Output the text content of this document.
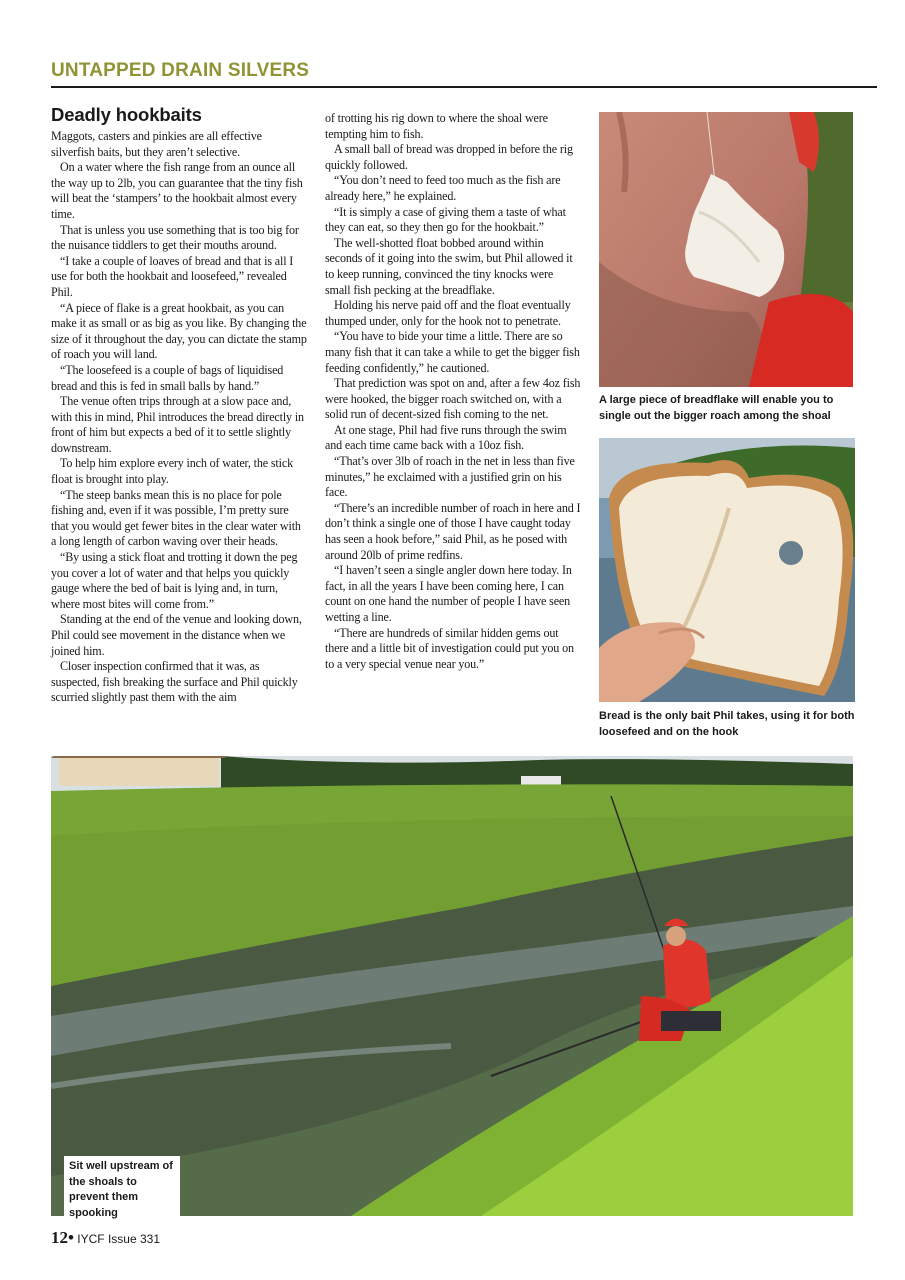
UNTAPPED DRAIN SILVERS
Deadly hookbaits

Maggots, casters and pinkies are all effective silverfish baits, but they aren’t selective.

On a water where the fish range from an ounce all the way up to 2lb, you can guarantee that the tiny fish will beat the ‘stampers’ to the hookbait almost every time.

That is unless you use something that is too big for the nuisance tiddlers to get their mouths around.

“I take a couple of loaves of bread and that is all I use for both the hookbait and loosefeed,” revealed Phil.

“A piece of flake is a great hookbait, as you can make it as small or as big as you like. By changing the size of it throughout the day, you can dictate the stamp of roach you will land.

“The loosefeed is a couple of bags of liquidised bread and this is fed in small balls by hand.”

The venue often trips through at a slow pace and, with this in mind, Phil introduces the bread directly in front of him but expects a bed of it to settle slightly downstream.

To help him explore every inch of water, the stick float is brought into play.

“The steep banks mean this is no place for pole fishing and, even if it was possible, I’m pretty sure that you would get fewer bites in the clear water with a long length of carbon waving over their heads.

“By using a stick float and trotting it down the peg you cover a lot of water and that helps you quickly gauge where the bed of bait is lying and, in turn, where most bites will come from.”

Standing at the end of the venue and looking down, Phil could see movement in the distance when we joined him.

Closer inspection confirmed that it was, as suspected, fish breaking the surface and Phil quickly scurried slightly past them with the aim

of trotting his rig down to where the shoal were tempting him to fish.

A small ball of bread was dropped in before the rig quickly followed.

“You don’t need to feed too much as the fish are already here,” he explained.

“It is simply a case of giving them a taste of what they can eat, so they then go for the hookbait.”

The well-shotted float bobbed around within seconds of it going into the swim, but Phil allowed it to keep running, convinced the tiny knocks were small fish pecking at the breadflake.

Holding his nerve paid off and the float eventually thumped under, only for the hook not to penetrate.

“You have to bide your time a little. There are so many fish that it can take a while to get the bigger fish feeding confidently,” he cautioned.

That prediction was spot on and, after a few 4oz fish were hooked, the bigger roach switched on, with a solid run of decent-sized fish coming to the net.

At one stage, Phil had five runs through the swim and each time came back with a 10oz fish.

“That’s over 3lb of roach in the net in less than five minutes,” he exclaimed with a justified grin on his face.

“There’s an incredible number of roach in here and I don’t think a single one of those I have caught today has seen a hook before,” said Phil, as he posed with around 20lb of prime redfins.

“I haven’t seen a single angler down here today. In fact, in all the years I have been coming here, I can count on one hand the number of people I have seen wetting a line.

“There are hundreds of similar hidden gems out there and a little bit of investigation could put you on to a very special venue near you.”

A large piece of breadflake will enable you to single out the bigger roach among the shoal
Bread is the only bait Phil takes, using it for both loosefeed and on the hook
Sit well upstream of the shoals to prevent them spooking
12• IYCF Issue 331
